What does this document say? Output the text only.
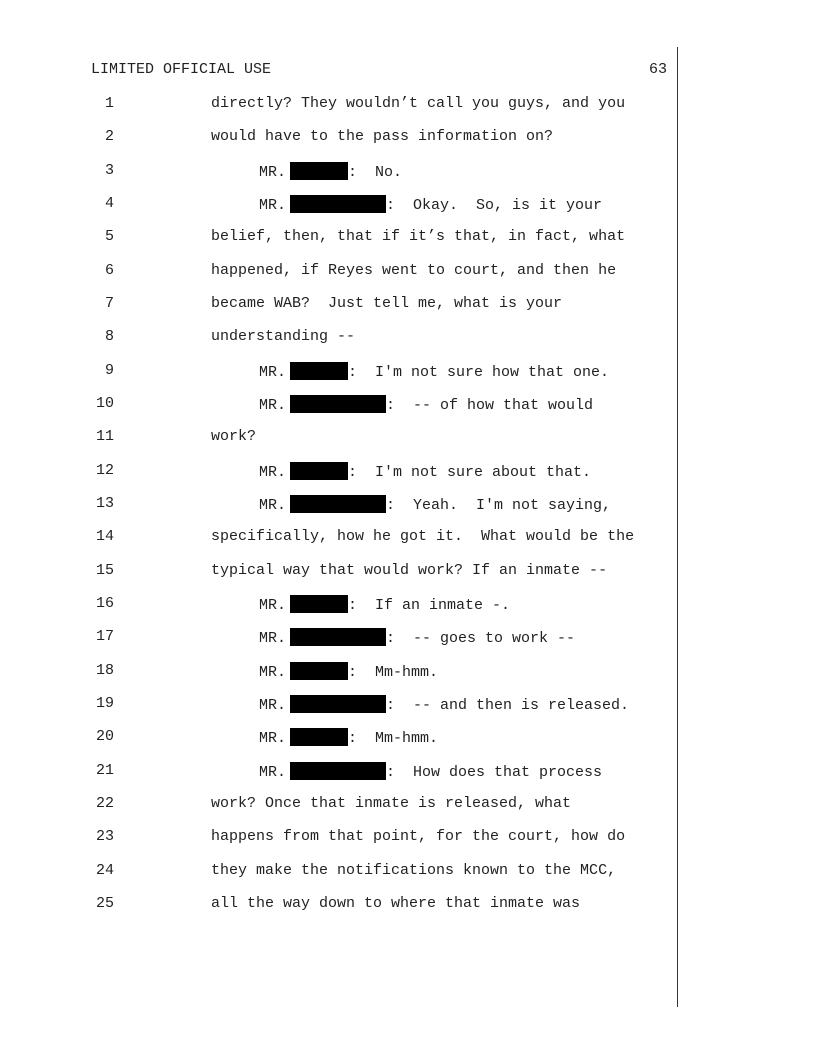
LIMITED OFFICIAL USE	63
1	directly? They wouldn’t call you guys, and you
2	would have to the pass information on?
3	MR.	:  No.
4	MR.	:  Okay.  So, is it your
5	belief, then, that if it’s that, in fact, what
6	happened, if Reyes went to court, and then he
7	became WAB?  Just tell me, what is your
8	understanding --
9	MR.	:  I'm not sure how that one.
10	MR.	:  -- of how that would
11	work?
12	MR.	:  I'm not sure about that.
13	MR.	:  Yeah.  I'm not saying,
14	specifically, how he got it.  What would be the
15	typical way that would work? If an inmate --
16	MR.	:  If an inmate -.
17	MR.	:  -- goes to work --
18	MR.	:  Mm-hmm.
19	MR.	:  -- and then is released.
20	MR.	:  Mm-hmm.
21	MR.	:  How does that process
22	work? Once that inmate is released, what
23	happens from that point, for the court, how do
24	they make the notifications known to the MCC,
25	all the way down to where that inmate was
